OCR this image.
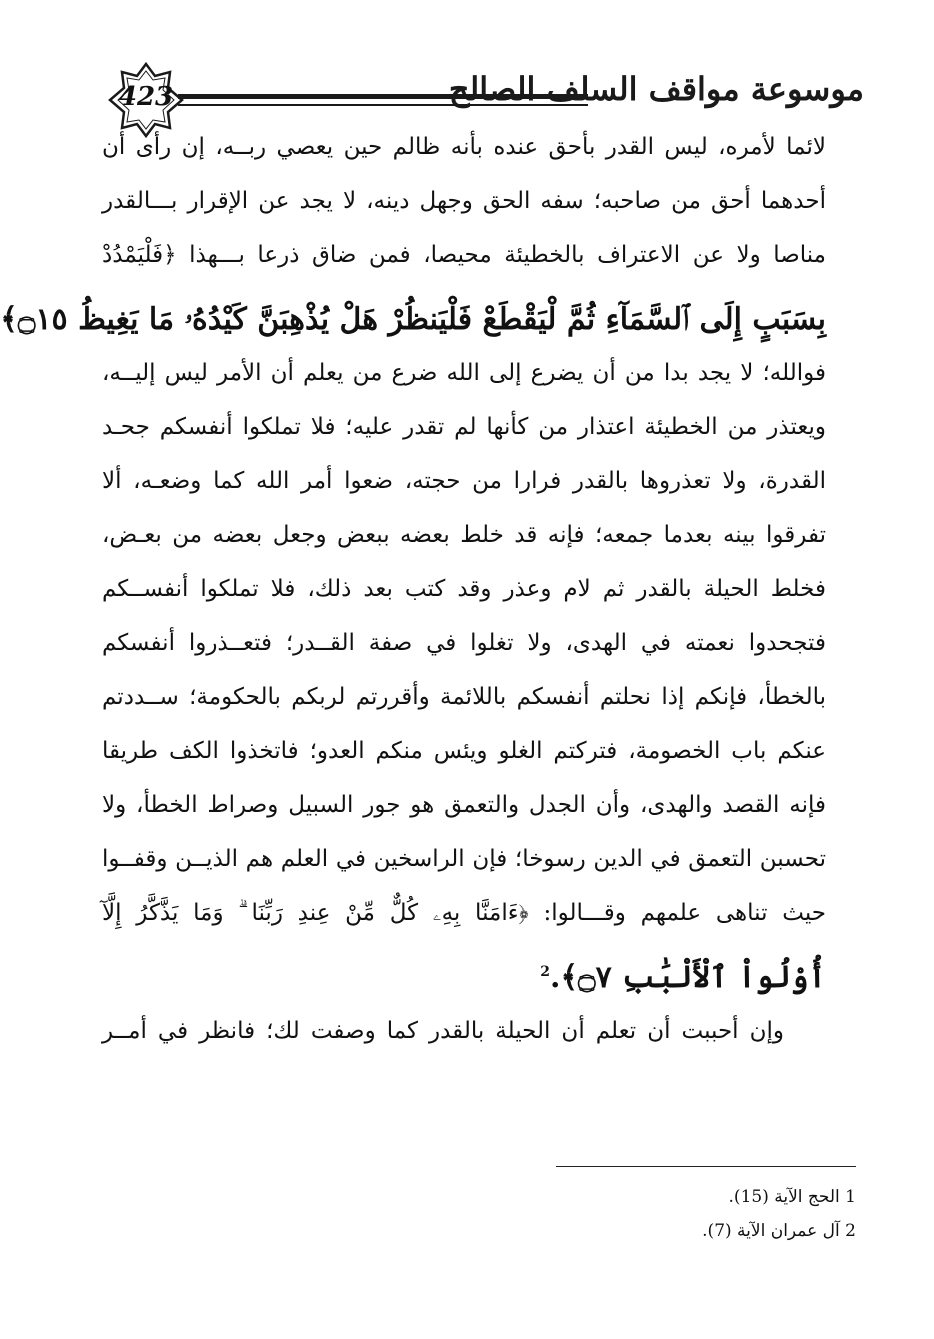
423	موسوعة مواقف السلف الصالح
لائما لأمره، ليس القدر بأحق عنده بأنه ظالم حين يعصي ربــه، إن رأى أن
أحدهما أحق من صاحبه؛ سفه الحق وجهل دينه، لا يجد عن الإقرار بـــالقدر
مناصا ولا عن الاعتراف بالخطيئة محيصا، فمن ضاق ذرعا بـــهذا ﴿فَلْيَمْدُدْ
بِسَبَبٍ إِلَى ٱلسَّمَآءِ ثُمَّ لْيَقْطَعْ فَلْيَنظُرْ هَلْ يُذْهِبَنَّ كَيْدُهُۥ مَا يَغِيظُ ۝١٥﴾
فوالله؛ لا يجد بدا من أن يضرع إلى الله ضرع من يعلم أن الأمر ليس إليــه،
ويعتذر من الخطيئة اعتذار من كأنها لم تقدر عليه؛ فلا تملكوا أنفسكم جحـد
القدرة، ولا تعذروها بالقدر فرارا من حجته، ضعوا أمر الله كما وضعـه، ألا
تفرقوا بينه بعدما جمعه؛ فإنه قد خلط بعضه ببعض وجعل بعضه من بعـض،
فخلط الحيلة بالقدر ثم لام وعذر وقد كتب بعد ذلك، فلا تملكوا أنفســكم
فتجحدوا نعمته في الهدى، ولا تغلوا في صفة القــدر؛ فتعــذروا أنفسكم
بالخطأ، فإنكم إذا نحلتم أنفسكم باللائمة وأقررتم لربكم بالحكومة؛ ســددتم
عنكم باب الخصومة، فتركتم الغلو ويئس منكم العدو؛ فاتخذوا الكف طريقا
فإنه القصد والهدى، وأن الجدل والتعمق هو جور السبيل وصراط الخطأ، ولا
تحسبن التعمق في الدين رسوخا؛ فإن الراسخين في العلم هم الذيــن وقفــوا
حيث تناهى علمهم وقـــالوا: ﴿ءَامَنَّا بِهِۦ كُلٌّ مِّنْ عِندِ رَبِّنَا ۗ وَمَا يَذَّكَّرُ إِلَّآ
أُوْلُواْ ٱلْأَلْبَٰبِ ۝٧﴾.$^2$
وإن أحببت أن تعلم أن الحيلة بالقدر كما وصفت لك؛ فانظر في أمــر
1 الحج الآية (15).
2 آل عمران الآية (7).
